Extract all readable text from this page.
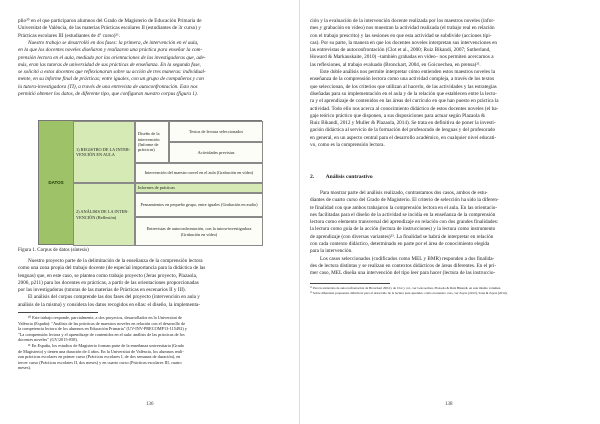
plio²⁰ en el que participaron alumnos del Grado de Magisterio de Educación Primaria de

Universitat de València, de las materias Prácticas escolares II (estudiantes de 3r curso) y

Prácticas escolares III (estudiantes de 4º curso)²¹.

Nuestro trabajo se desarrolló en dos fases: la primera, de intervención en el aula,

en la que los docentes noveles diseñaron y realizaron una práctica para enseñar la com-

prensión lectora en el aula, mediado por las orientaciones de las investigadoras que, ade-

más, eran las tutoras de universidad de sus prácticas de enseñanza. En la segunda fase,

se solicitó a estos docentes que reflexionaran sobre su acción de tres maneras: individual-

mente, en su informe final de prácticas; entre iguales, con un grupo de compañeros y con

la tutora-investigadora (TI), a través de una entrevista de autoconfrontación. Esto nos

permitió obtener los datos, de diferente tipo, que configuran nuestro corpus (figura 1).

DATOS
1) REGISTRO DE LA INTER-VENCIÓN EN AULA
Diseño de la intervención (Informe de prácticas)
Textos de lectura seleccionados
Actividades previstas
Intervención del maestro novel en el aula (Grabación en vídeo)
2) ANÁLISIS DE LA INTER-VENCIÓN (Reflexión)
Informes de prácticas
Pensamientos en pequeño grupo, entre iguales (Grabación en audio)
Entrevistas de autoconfrontación, con la tutora-investigadora (Grabación en vídeo)
Figura 1. Corpus de datos (síntesis)

Nuestro proyecto parte de la delimitación de la enseñanza de la comprensión lectora

como una zona propia del trabajo docente (de especial importancia para la didáctica de las

lenguas) que, en este caso, se plantea como trabajo proyecto (Jeras proyecto, Plazaola,

2006, p211) para los docentes en prácticas, a partir de las orientaciones proporcionadas

por las investigadoras (tutoras de las materias de Prácticas en escenarios II y III).

El análisis del corpus comprende las dos fases del proyecto (intervención en aula y

análisis de la misma) y considera los datos recogidos en ellas: el diseño, la implementa-

²⁰ Este trabajo responde, parcialmente, a dos proyectos, desarrollados en la Universitat de

València (España): "Análisis de las prácticas de maestros noveles en relación con el desarrollo de

la competencia lectora de los alumnos en Educación Primaria" (UV-INV-PRECOMP13-115492) y

"La comprensión lectora y el aprendizaje de contenidos en el aula: análisis de las prácticas de los

docentes noveles" (GV/2015-058).

²¹ En España, los estudios de Magisterio forman parte de la enseñanza universitaria (Grado

de Magisterio) y tienen una duración de 4 años. En la Universitat de València, los alumnos reali-

zan prácticas escolares en primer curso (Prácticas escolares I, de dos semanas de duración), en

tercer curso (Prácticas escolares II, dos meses) y en cuarto curso (Prácticas escolares III, cuatro

meses).

136

ción y la evaluación de la intervención docente realizada por los maestros noveles (infor-

mes y grabación en vídeo) nos muestran la actividad realizada (el trabajo real en relación

con el trabajo prescrito) y las sesiones en que esta actividad se subdivide (acciones típi-

cas). Por su parte, la manera en que los docentes noveles interpretan sus intervenciones en

las entrevistas de autoconfrontación (Clot et al., 2000; Ruiz Bikandi, 2007; Sutherland,

Howard & Markauskaite, 2010) –también grabadas en vídeo– nos permiten acercarnos a

las reflexiones, al trabajo evaluado (Bronckart, 2004, en Goicoechea, en prensa)²².

Este doble análisis nos permite interpretar cómo entienden estos maestros noveles la

enseñanza de la comprensión lectora como una actividad compleja, a través de los textos

que seleccionan, de los criterios que utilizan al hacerlo, de las actividades y las estrategias

diseñadas para su implementación en el aula y de la relación que establecen entre la lectu-

ra y el aprendizaje de contenidos en las áreas del currículo en que han puesto en práctica la

actividad. Todo ello nos acerca al conocimiento didáctico de estos docentes noveles (el ba-

gaje teórico práctico que disponen, a sus disposiciones para actuar según Plazaola &

Ruiz Bikandi, 2012 y Muller & Plazaola, 2014). Se trata en definitiva de poner la investi-

gación didáctica al servicio de la formación del profesorado de lenguas y del profesorado

en general, en un aspecto central para el desarrollo académico, en cualquier nivel educati-

vo, como es la comprensión lectora.

2. Análisis contrastivo

Para mostrar parte del análisis realizado, contrastamos dos casos, ambos de estu-

diantes de cuarto curso del Grado de Magisterio. El criterio de selección ha sido la diferen-

te finalidad con que ambos trabajaron la comprensión lectora en el aula. En las orientacio-

nes facilitadas para el diseño de la actividad se incidía en la enseñanza de la comprensión

lectora como elemento transversal del aprendizaje en relación con dos grandes finalidades:

la lectura como guía de la acción (lectura de instrucciones) y la lectura como instrumento

de aprendizaje (con diversas variantes)²³. La finalidad se habrá de interpretar en relación

con cada contexto didáctico, determinado en parte por el área de conocimiento elegida

para la intervención.

Los casos seleccionados (codificados como MEL y BMR) responden a dos finalida-

des de lectura distintas y se realizan en contextos didácticos de áreas diferentes. En el pri-

mer caso, MEL diseña una intervención del tipo leer para hacer (lectura de las instruccio-

²² Para la entrevista de autoconfrontación de Bronckart 2004 y de Clot y col., ver Goicoechea, Plazaola & Ruiz Bikandi, en este mismo volumen.

²³ Sobre diferentes propuestas didácticas para el desarrollo de la lectura para aprender, como en nuestro caso, ver Zayas (2012), Sanz & Zayas (2014).

138
